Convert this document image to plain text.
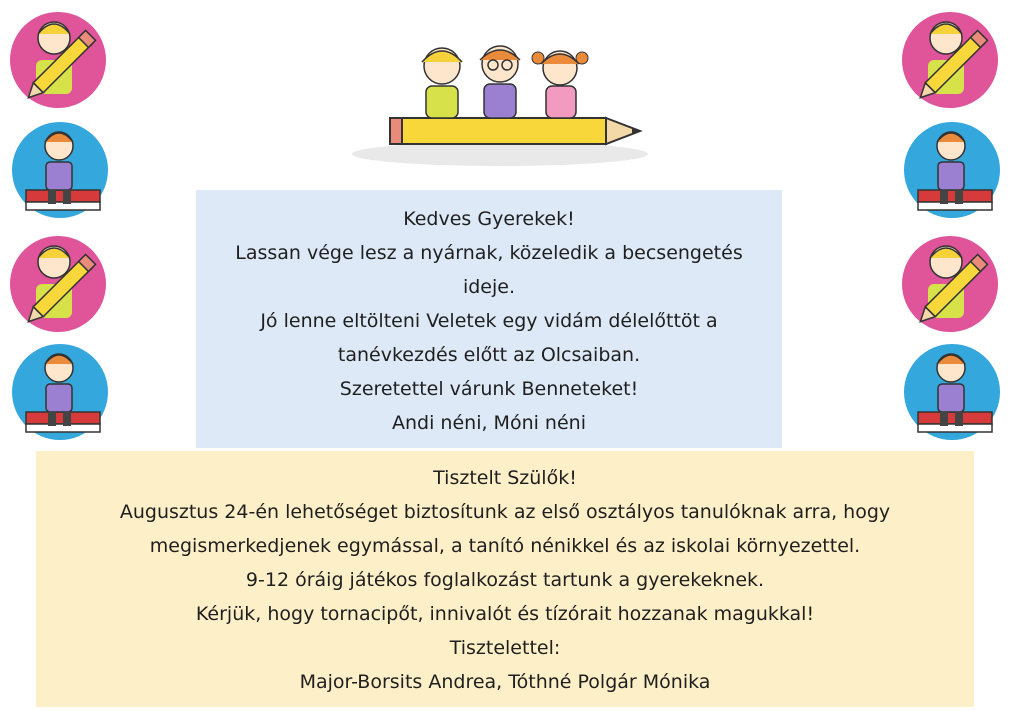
Kedves Gyerekek!
Lassan vége lesz a nyárnak, közeledik a becsengetés
ideje.
Jó lenne eltölteni Veletek egy vidám délelőttöt a
tanévkezdés előtt az Olcsaiban.
Szeretettel várunk Benneteket!
Andi néni, Móni néni
Tisztelt Szülők!
Augusztus 24-én lehetőséget biztosítunk az első osztályos tanulóknak arra, hogy
megismerkedjenek egymással, a tanító nénikkel és az iskolai környezettel.
9-12 óráig játékos foglalkozást tartunk a gyerekeknek.
Kérjük, hogy tornacipőt, innivalót és tízórait hozzanak magukkal!
Tisztelettel:
Major-Borsits Andrea, Tóthné Polgár Mónika
